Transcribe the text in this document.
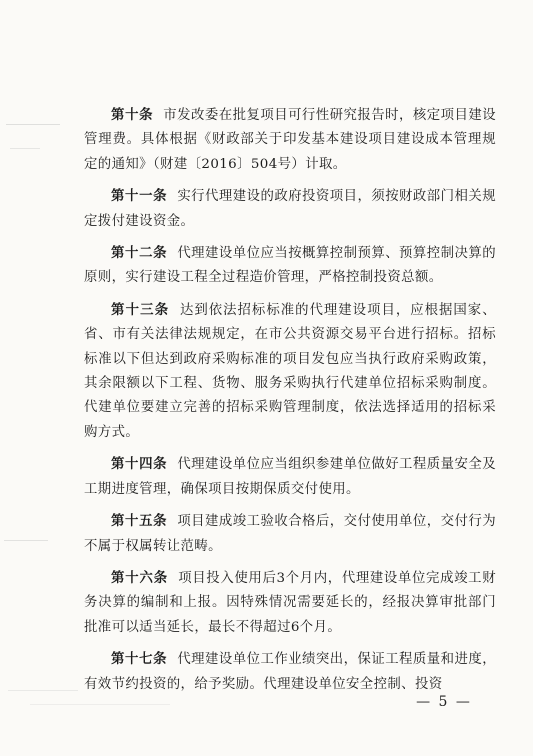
第十条 市发改委在批复项目可行性研究报告时，核定项目建设管理费。具体根据《财政部关于印发基本建设项目建设成本管理规定的通知》（财建〔2016〕504号）计取。

第十一条 实行代理建设的政府投资项目，须按财政部门相关规定拨付建设资金。

第十二条 代理建设单位应当按概算控制预算、预算控制决算的原则，实行建设工程全过程造价管理，严格控制投资总额。

第十三条 达到依法招标标准的代理建设项目，应根据国家、省、市有关法律法规规定，在市公共资源交易平台进行招标。招标标准以下但达到政府采购标准的项目发包应当执行政府采购政策，其余限额以下工程、货物、服务采购执行代建单位招标采购制度。代建单位要建立完善的招标采购管理制度，依法选择适用的招标采购方式。

第十四条 代理建设单位应当组织参建单位做好工程质量安全及工期进度管理，确保项目按期保质交付使用。

第十五条 项目建成竣工验收合格后，交付使用单位，交付行为不属于权属转让范畴。

第十六条 项目投入使用后3个月内，代理建设单位完成竣工财务决算的编制和上报。因特殊情况需要延长的，经报决算审批部门批准可以适当延长，最长不得超过6个月。

第十七条 代理建设单位工作业绩突出，保证工程质量和进度，有效节约投资的，给予奖励。代理建设单位安全控制、投资

— 5 —
